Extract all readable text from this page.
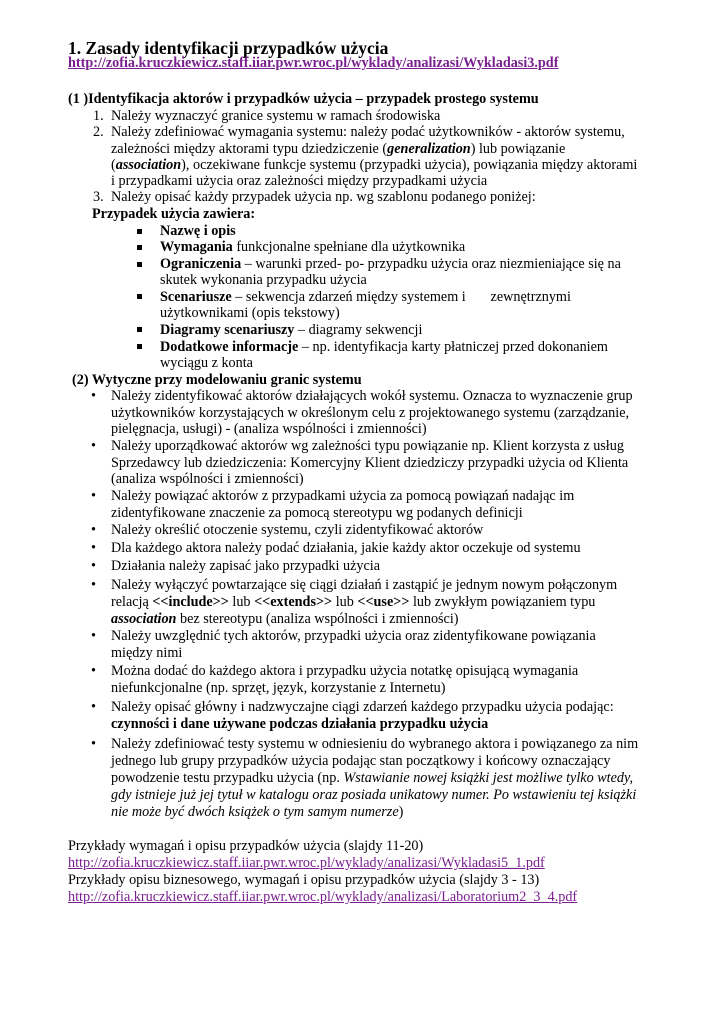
1. Zasady identyfikacji przypadków użycia
http://zofia.kruczkiewicz.staff.iiar.pwr.wroc.pl/wyklady/analizasi/Wykladasi3.pdf
(1 )Identyfikacja aktorów i przypadków użycia – przypadek prostego systemu
1. Należy wyznaczyć granice systemu w ramach środowiska
2. Należy zdefiniować wymagania systemu: należy podać użytkowników - aktorów systemu,
zależności między aktorami typu dziedziczenie (generalization) lub powiązanie
(association), oczekiwane funkcje systemu (przypadki użycia), powiązania między aktorami
i przypadkami użycia oraz zależności między przypadkami użycia
3. Należy opisać każdy przypadek użycia np. wg szablonu podanego poniżej:
Przypadek użycia zawiera:
Nazwę i opis
Wymagania funkcjonalne spełniane dla użytkownika
Ograniczenia – warunki przed- po- przypadku użycia oraz niezmieniające się na
skutek wykonania przypadku użycia
Scenariusze – sekwencja zdarzeń między systemem i       zewnętrznymi
użytkownikami (opis tekstowy)
Diagramy scenariuszy – diagramy sekwencji
Dodatkowe informacje – np. identyfikacja karty płatniczej przed dokonaniem
wyciągu z konta
(2) Wytyczne przy modelowaniu granic systemu
• Należy zidentyfikować aktorów działających wokół systemu. Oznacza to wyznaczenie grup
użytkowników korzystających w określonym celu z projektowanego systemu (zarządzanie,
pielęgnacja, usługi) - (analiza wspólności i zmienności)
• Należy uporządkować aktorów wg zależności typu powiązanie np. Klient korzysta z usług
Sprzedawcy lub dziedziczenia: Komercyjny Klient dziedziczy przypadki użycia od Klienta
(analiza wspólności i zmienności)
• Należy powiązać aktorów z przypadkami użycia za pomocą powiązań nadając im
zidentyfikowane znaczenie za pomocą stereotypu wg podanych definicji
• Należy określić otoczenie systemu, czyli zidentyfikować aktorów
• Dla każdego aktora należy podać działania, jakie każdy aktor oczekuje od systemu
• Działania należy zapisać jako przypadki użycia
• Należy wyłączyć powtarzające się ciągi działań i zastąpić je jednym nowym połączonym
relacją <<include>> lub <<extends>> lub <<use>> lub zwykłym powiązaniem typu
association bez stereotypu (analiza wspólności i zmienności)
• Należy uwzględnić tych aktorów, przypadki użycia oraz zidentyfikowane powiązania
między nimi
• Można dodać do każdego aktora i przypadku użycia notatkę opisującą wymagania
niefunkcjonalne (np. sprzęt, język, korzystanie z Internetu)
• Należy opisać główny i nadzwyczajne ciągi zdarzeń każdego przypadku użycia podając:
czynności i dane używane podczas działania przypadku użycia
• Należy zdefiniować testy systemu w odniesieniu do wybranego aktora i powiązanego za nim
jednego lub grupy przypadków użycia podając stan początkowy i końcowy oznaczający
powodzenie testu przypadku użycia (np. Wstawianie nowej książki jest możliwe tylko wtedy,
gdy istnieje już jej tytuł w katalogu oraz posiada unikatowy numer. Po wstawieniu tej książki
nie może być dwóch książek o tym samym numerze)
Przykłady wymagań i opisu przypadków użycia (slajdy 11-20)
http://zofia.kruczkiewicz.staff.iiar.pwr.wroc.pl/wyklady/analizasi/Wykladasi5_1.pdf
Przykłady opisu biznesowego, wymagań i opisu przypadków użycia (slajdy 3 - 13)
http://zofia.kruczkiewicz.staff.iiar.pwr.wroc.pl/wyklady/analizasi/Laboratorium2_3_4.pdf
